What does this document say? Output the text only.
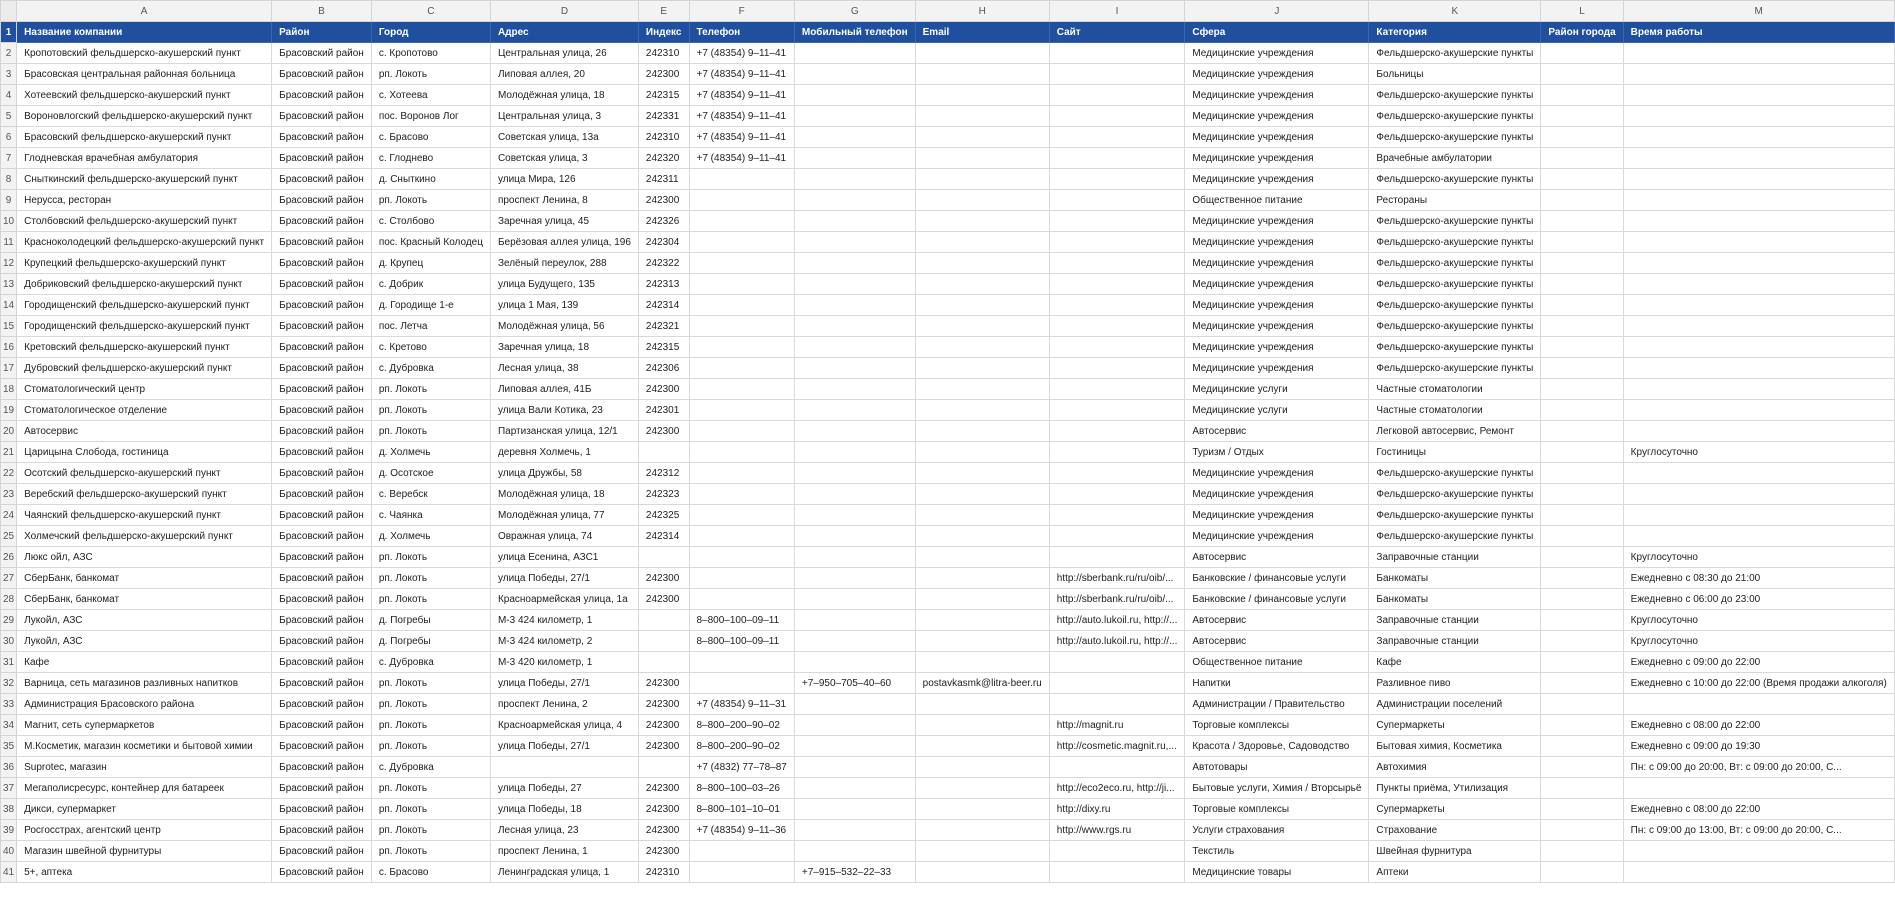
	A	B	C	D	E	F	G	H	I	J	K	L	M
1	Название компании	Район	Город	Адрес	Индекс	Телефон	Мобильный телефон	Email	Сайт	Сфера	Категория	Район города	Время работы
2	Кропотовский фельдшерско-акушерский пункт	Брасовский район	с. Кропотово	Центральная улица, 26	242310	+7 (48354) 9–11–41				Медицинские учреждения	Фельдшерско-акушерские пункты		
3	Брасовская центральная районная больница	Брасовский район	рп. Локоть	Липовая аллея, 20	242300	+7 (48354) 9–11–41				Медицинские учреждения	Больницы		
4	Хотеевский фельдшерско-акушерский пункт	Брасовский район	с. Хотеева	Молодёжная улица, 18	242315	+7 (48354) 9–11–41				Медицинские учреждения	Фельдшерско-акушерские пункты		
5	Вороновлогский фельдшерско-акушерский пункт	Брасовский район	пос. Воронов Лог	Центральная улица, 3	242331	+7 (48354) 9–11–41				Медицинские учреждения	Фельдшерско-акушерские пункты		
6	Брасовский фельдшерско-акушерский пункт	Брасовский район	с. Брасово	Советская улица, 13а	242310	+7 (48354) 9–11–41				Медицинские учреждения	Фельдшерско-акушерские пункты		
7	Глодневская врачебная амбулатория	Брасовский район	с. Глоднево	Советская улица, 3	242320	+7 (48354) 9–11–41				Медицинские учреждения	Врачебные амбулатории		
8	Сныткинский фельдшерско-акушерский пункт	Брасовский район	д. Сныткино	улица Мира, 126	242311					Медицинские учреждения	Фельдшерско-акушерские пункты		
9	Нерусса, ресторан	Брасовский район	рп. Локоть	проспект Ленина, 8	242300					Общественное питание	Рестораны		
10	Столбовский фельдшерско-акушерский пункт	Брасовский район	с. Столбово	Заречная улица, 45	242326					Медицинские учреждения	Фельдшерско-акушерские пункты		
11	Красноколодецкий фельдшерско-акушерский пункт	Брасовский район	пос. Красный Колодец	Берёзовая аллея улица, 196	242304					Медицинские учреждения	Фельдшерско-акушерские пункты		
12	Крупецкий фельдшерско-акушерский пункт	Брасовский район	д. Крупец	Зелёный переулок, 288	242322					Медицинские учреждения	Фельдшерско-акушерские пункты		
13	Добриковский фельдшерско-акушерский пункт	Брасовский район	с. Добрик	улица Будущего, 135	242313					Медицинские учреждения	Фельдшерско-акушерские пункты		
14	Городищенский фельдшерско-акушерский пункт	Брасовский район	д. Городище 1-е	улица 1 Мая, 139	242314					Медицинские учреждения	Фельдшерско-акушерские пункты		
15	Городищенский фельдшерско-акушерский пункт	Брасовский район	пос. Летча	Молодёжная улица, 56	242321					Медицинские учреждения	Фельдшерско-акушерские пункты		
16	Кретовский фельдшерско-акушерский пункт	Брасовский район	с. Кретово	Заречная улица, 18	242315					Медицинские учреждения	Фельдшерско-акушерские пункты		
17	Дубровский фельдшерско-акушерский пункт	Брасовский район	с. Дубровка	Лесная улица, 38	242306					Медицинские учреждения	Фельдшерско-акушерские пункты		
18	Стоматологический центр	Брасовский район	рп. Локоть	Липовая аллея, 41Б	242300					Медицинские услуги	Частные стоматологии		
19	Стоматологическое отделение	Брасовский район	рп. Локоть	улица Вали Котика, 23	242301					Медицинские услуги	Частные стоматологии		
20	Автосервис	Брасовский район	рп. Локоть	Партизанская улица, 12/1	242300					Автосервис	Легковой автосервис, Ремонт		
21	Царицына Слобода, гостиница	Брасовский район	д. Холмечь	деревня Холмечь, 1						Туризм / Отдых	Гостиницы		Круглосуточно
22	Осотский фельдшерско-акушерский пункт	Брасовский район	д. Осотское	улица Дружбы, 58	242312					Медицинские учреждения	Фельдшерско-акушерские пункты		
23	Веребский фельдшерско-акушерский пункт	Брасовский район	с. Веребск	Молодёжная улица, 18	242323					Медицинские учреждения	Фельдшерско-акушерские пункты		
24	Чаянский фельдшерско-акушерский пункт	Брасовский район	с. Чаянка	Молодёжная улица, 77	242325					Медицинские учреждения	Фельдшерско-акушерские пункты		
25	Холмечский фельдшерско-акушерский пункт	Брасовский район	д. Холмечь	Овражная улица, 74	242314					Медицинские учреждения	Фельдшерско-акушерские пункты		
26	Люкс ойл, АЗС	Брасовский район	рп. Локоть	улица Есенина, АЗС1						Автосервис	Заправочные станции		Круглосуточно
27	СберБанк, банкомат	Брасовский район	рп. Локоть	улица Победы, 27/1	242300				http://sberbank.ru/ru/oib/...	Банковские / финансовые услуги	Банкоматы		Ежедневно с 08:30 до 21:00
28	СберБанк, банкомат	Брасовский район	рп. Локоть	Красноармейская улица, 1а	242300				http://sberbank.ru/ru/oib/...	Банковские / финансовые услуги	Банкоматы		Ежедневно с 06:00 до 23:00
29	Лукойл, АЗС	Брасовский район	д. Погребы	М-3 424 километр, 1		8–800–100–09–11			http://auto.lukoil.ru, http://...	Автосервис	Заправочные станции		Круглосуточно
30	Лукойл, АЗС	Брасовский район	д. Погребы	М-3 424 километр, 2		8–800–100–09–11			http://auto.lukoil.ru, http://...	Автосервис	Заправочные станции		Круглосуточно
31	Кафе	Брасовский район	с. Дубровка	М-3 420 километр, 1						Общественное питание	Кафе		Ежедневно с 09:00 до 22:00
32	Варница, сеть магазинов разливных напитков	Брасовский район	рп. Локоть	улица Победы, 27/1	242300		+7–950–705–40–60	postavkasmk@litra-beer.ru		Напитки	Разливное пиво		Ежедневно с 10:00 до 22:00 (Время продажи алкоголя)
33	Администрация Брасовского района	Брасовский район	рп. Локоть	проспект Ленина, 2	242300	+7 (48354) 9–11–31				Администрации / Правительство	Администрации поселений		
34	Магнит, сеть супермаркетов	Брасовский район	рп. Локоть	Красноармейская улица, 4	242300	8–800–200–90–02			http://magnit.ru	Торговые комплексы	Супермаркеты		Ежедневно с 08:00 до 22:00
35	М.Косметик, магазин косметики и бытовой химии	Брасовский район	рп. Локоть	улица Победы, 27/1	242300	8–800–200–90–02			http://cosmetic.magnit.ru,...	Красота / Здоровье, Садоводство	Бытовая химия, Косметика		Ежедневно с 09:00 до 19:30
36	Suprotec, магазин	Брасовский район	с. Дубровка			+7 (4832) 77–78–87				Автотовары	Автохимия		Пн: с 09:00 до 20:00, Вт: с 09:00 до 20:00, С...
37	Мегаполисресурс, контейнер для батареек	Брасовский район	рп. Локоть	улица Победы, 27	242300	8–800–100–03–26			http://eco2eco.ru, http://ji...	Бытовые услуги, Химия / Вторсырьё	Пункты приёма, Утилизация		
38	Дикси, супермаркет	Брасовский район	рп. Локоть	улица Победы, 18	242300	8–800–101–10–01			http://dixy.ru	Торговые комплексы	Супермаркеты		Ежедневно с 08:00 до 22:00
39	Росгосстрах, агентский центр	Брасовский район	рп. Локоть	Лесная улица, 23	242300	+7 (48354) 9–11–36			http://www.rgs.ru	Услуги страхования	Страхование		Пн: с 09:00 до 13:00, Вт: с 09:00 до 20:00, С...
40	Магазин швейной фурнитуры	Брасовский район	рп. Локоть	проспект Ленина, 1	242300					Текстиль	Швейная фурнитура		
41	5+, аптека	Брасовский район	с. Брасово	Ленинградская улица, 1	242310		+7–915–532–22–33			Медицинские товары	Аптеки		
